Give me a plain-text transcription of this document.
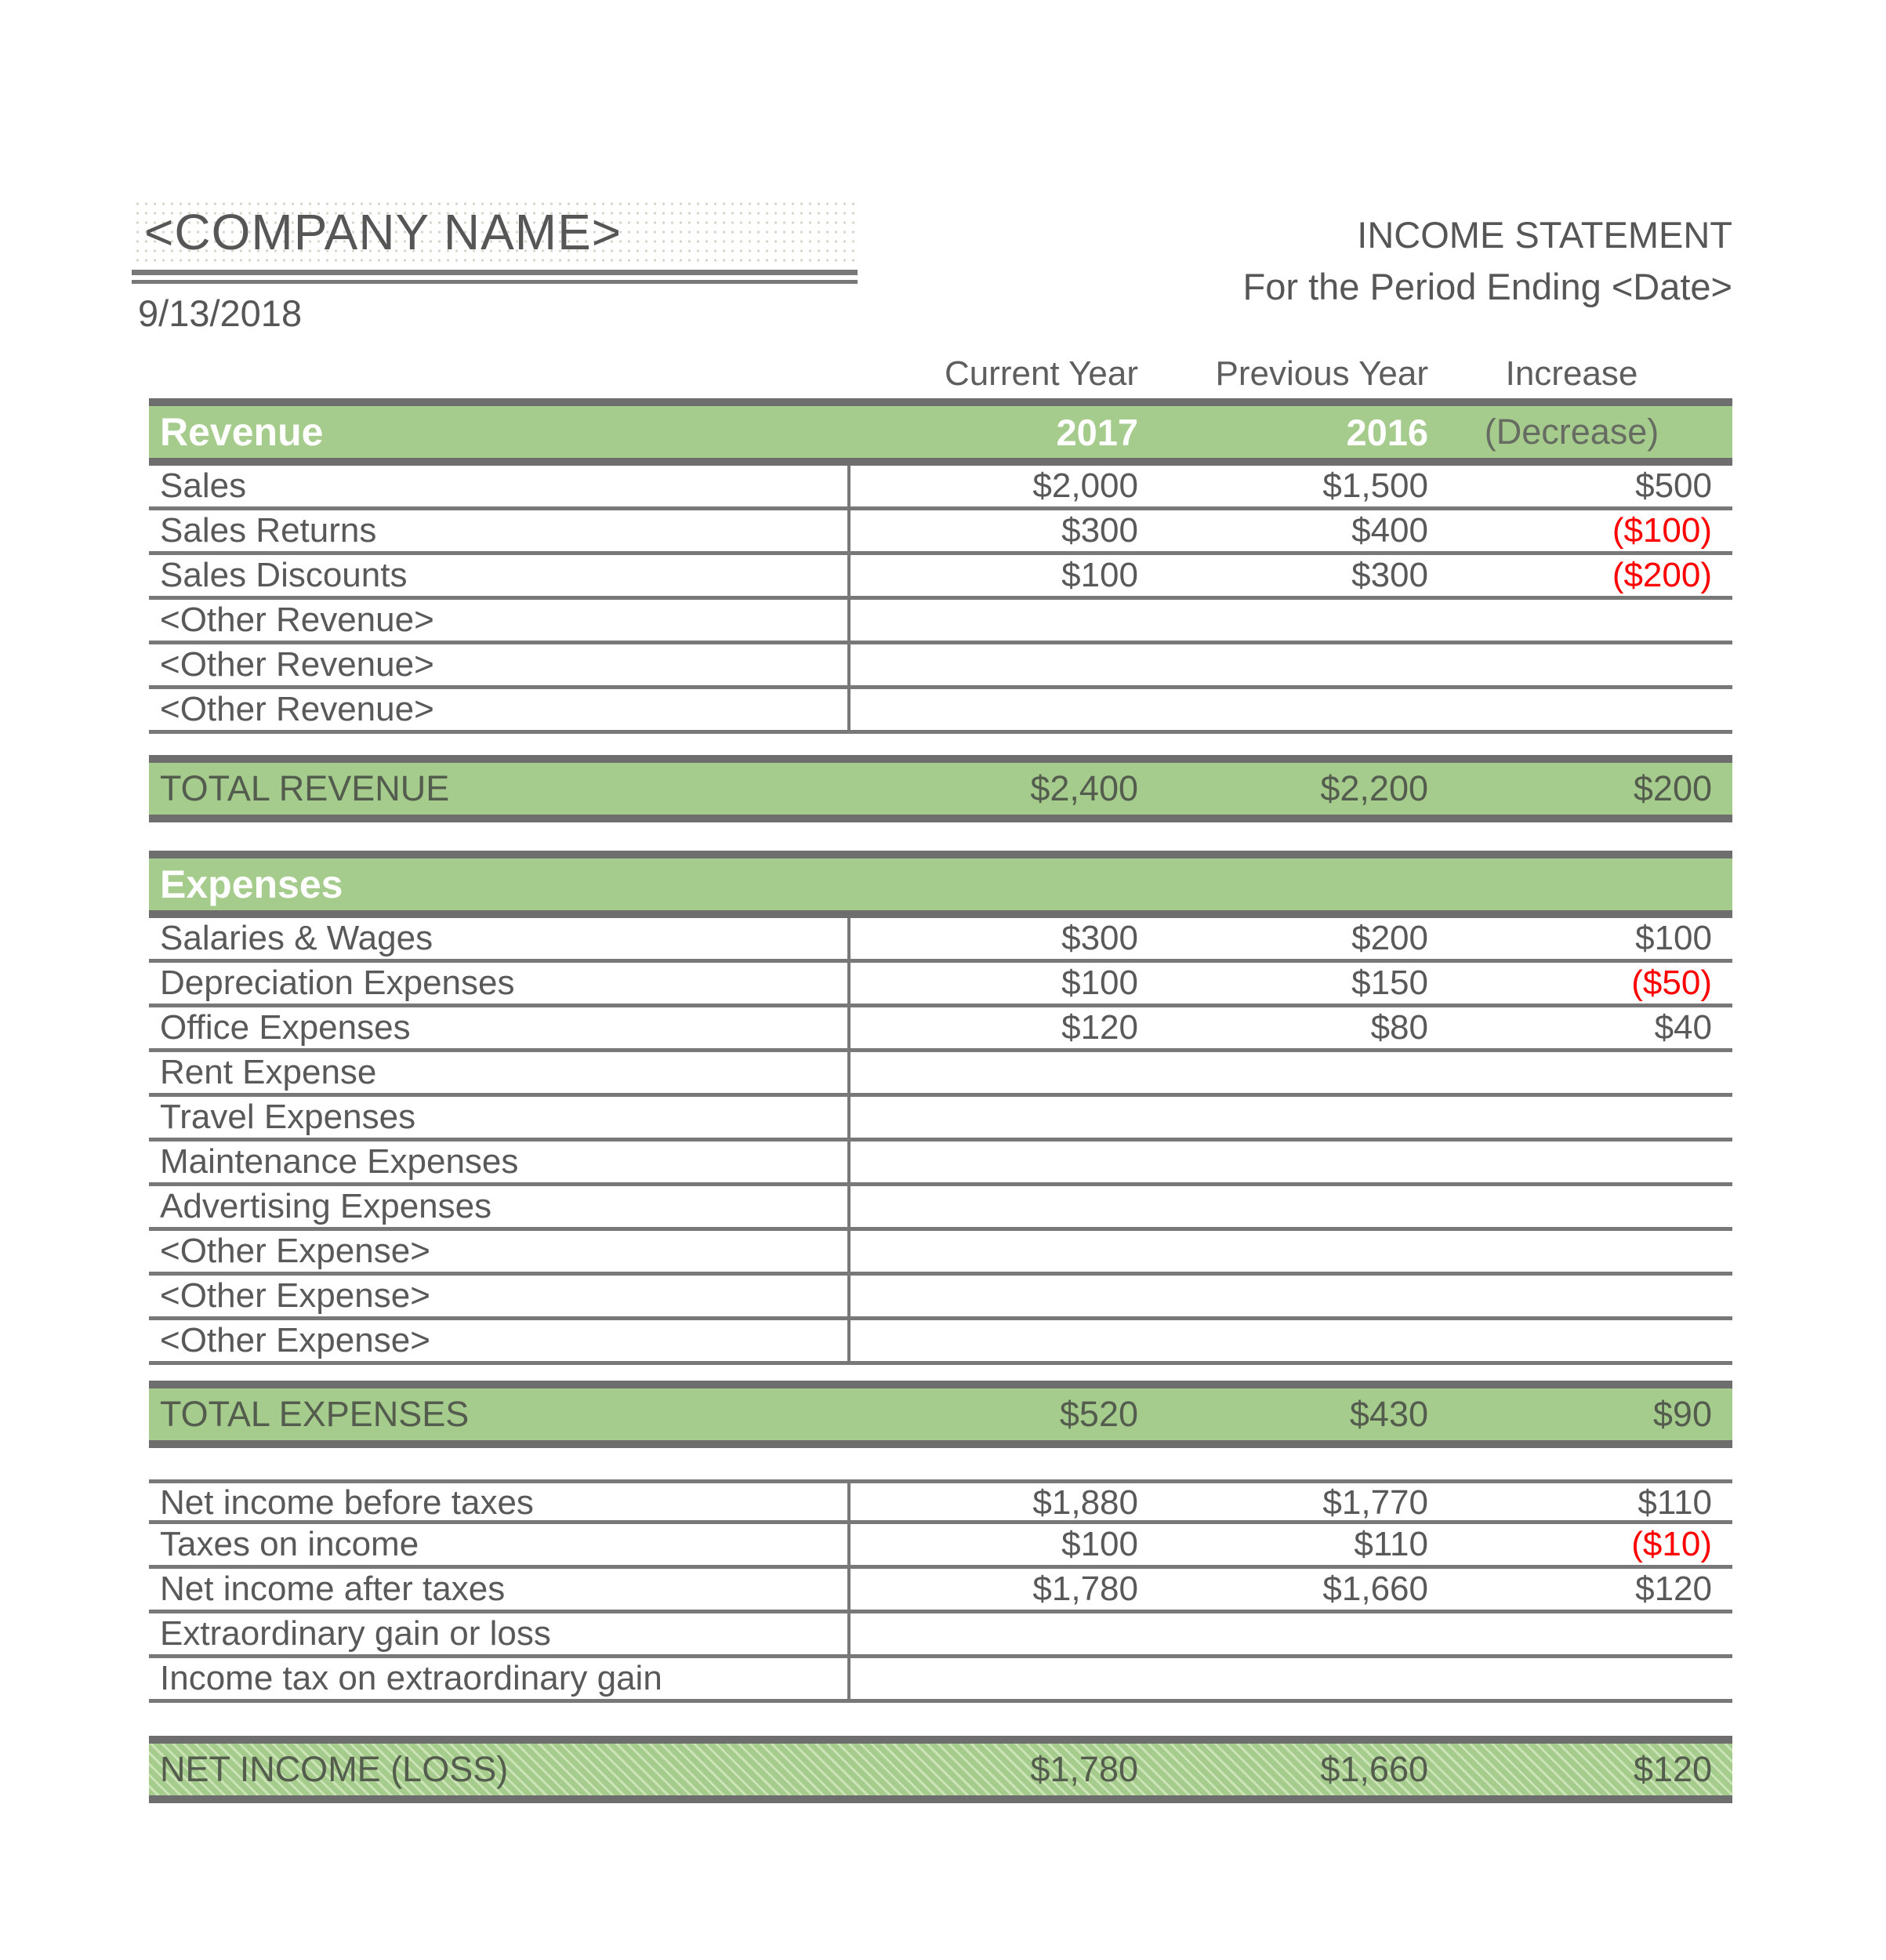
<COMPANY NAME>
9/13/2018
INCOME STATEMENT
For the Period Ending <Date>
Current Year	Previous Year	Increase
Revenue	2017	2016	(Decrease)
Sales	$2,000	$1,500	$500
Sales Returns	$300	$400	($100)
Sales Discounts	$100	$300	($200)
<Other Revenue>
<Other Revenue>
<Other Revenue>
TOTAL REVENUE	$2,400	$2,200	$200
Expenses
Salaries & Wages	$300	$200	$100
Depreciation Expenses	$100	$150	($50)
Office Expenses	$120	$80	$40
Rent Expense
Travel Expenses
Maintenance Expenses
Advertising Expenses
<Other Expense>
<Other Expense>
<Other Expense>
TOTAL EXPENSES	$520	$430	$90
Net income before taxes	$1,880	$1,770	$110
Taxes on income	$100	$110	($10)
Net income after taxes	$1,780	$1,660	$120
Extraordinary gain or loss
Income tax on extraordinary gain
NET INCOME (LOSS)	$1,780	$1,660	$120
